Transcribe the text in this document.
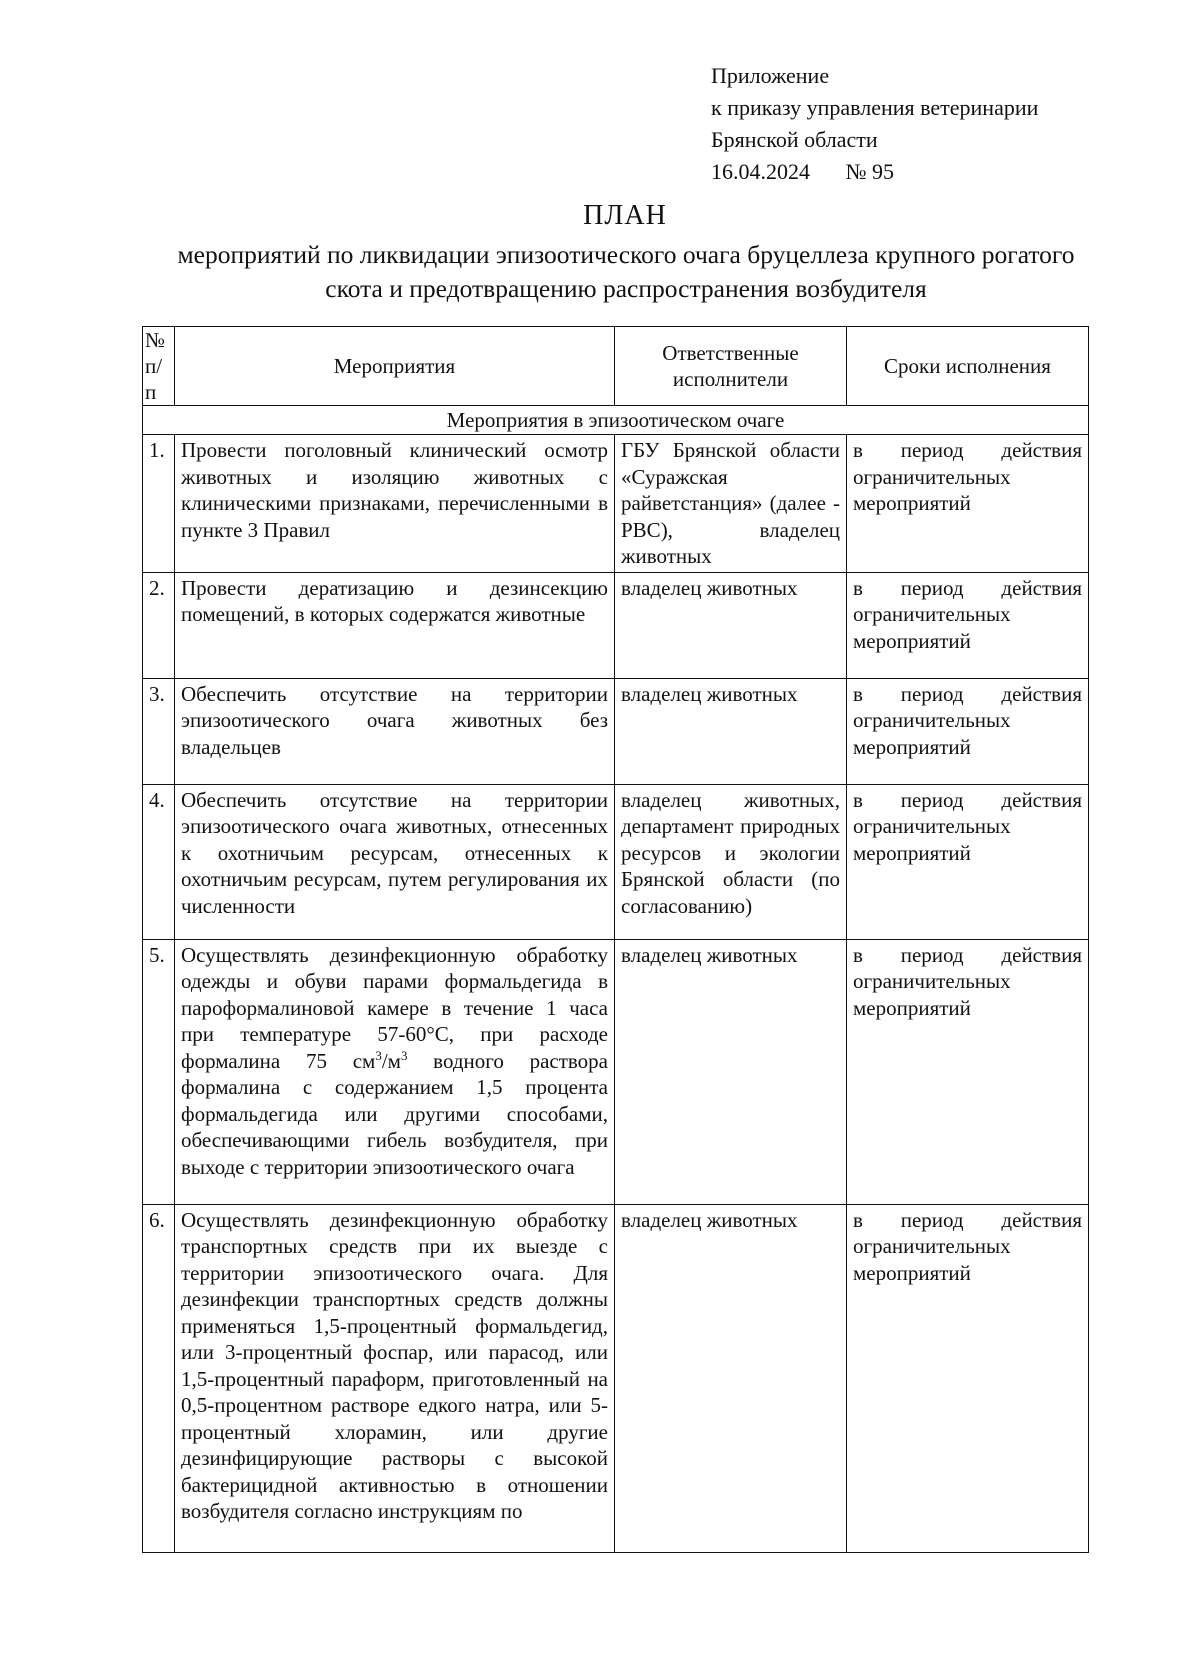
Приложение
к приказу управления ветеринарии
Брянской области
16.04.2024 № 95
ПЛАН
мероприятий по ликвидации эпизоотического очага бруцеллеза крупного рогатого скота и предотвращению распространения возбудителя
№ п/п	Мероприятия	Ответственные исполнители	Сроки исполнения
Мероприятия в эпизоотическом очаге			
1.	Провести поголовный клинический осмотр животных и изоляцию животных с клиническими признаками, перечисленными в пункте 3 Правил	ГБУ Брянской области «Суражская райветстанция» (далее - РВС), владелец животных	в период действия ограничительных мероприятий
2.	Провести дератизацию и дезинсекцию помещений, в которых содержатся животные	владелец животных	в период действия ограничительных мероприятий
3.	Обеспечить отсутствие на территории эпизоотического очага животных без владельцев	владелец животных	в период действия ограничительных мероприятий
4.	Обеспечить отсутствие на территории эпизоотического очага животных, отнесенных к охотничьим ресурсам, отнесенных к охотничьим ресурсам, путем регулирования их численности	владелец животных, департамент природных ресурсов и экологии Брянской области (по согласованию)	в период действия ограничительных мероприятий
5.	Осуществлять дезинфекционную обработку одежды и обуви парами формальдегида в пароформалиновой камере в течение 1 часа при температуре 57-60°C, при расходе формалина 75 $см^3/м^3$ водного раствора формалина с содержанием 1,5 процента формальдегида или другими способами, обеспечивающими гибель возбудителя, при выходе с территории эпизоотического очага	владелец животных	в период действия ограничительных мероприятий
6.	Осуществлять дезинфекционную обработку транспортных средств при их выезде с территории эпизоотического очага. Для дезинфекции транспортных средств должны применяться 1,5-процентный формальдегид, или 3-процентный фоспар, или парасод, или 1,5-процентный параформ, приготовленный на 0,5-процентном растворе едкого натра, или 5-процентный хлорамин, или другие дезинфицирующие растворы с высокой бактерицидной активностью в отношении возбудителя согласно инструкциям по	владелец животных	в период действия ограничительных мероприятий
